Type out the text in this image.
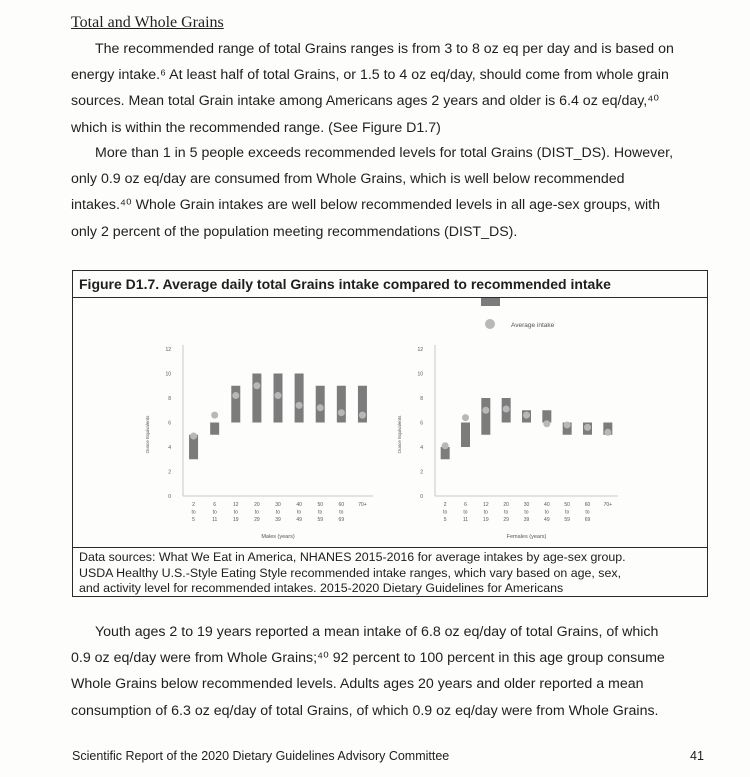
Total and Whole Grains
The recommended range of total Grains ranges is from 3 to 8 oz eq per day and is based on
energy intake.⁶ At least half of total Grains, or 1.5 to 4 oz eq/day, should come from whole grain
sources. Mean total Grain intake among Americans ages 2 years and older is 6.4 oz eq/day,⁴⁰
which is within the recommended range. (See Figure D1.7)
More than 1 in 5 people exceeds recommended levels for total Grains (DIST_DS). However,
only 0.9 oz eq/day are consumed from Whole Grains, which is well below recommended
intakes.⁴⁰ Whole Grain intakes are well below recommended levels in all age-sex groups, with
only 2 percent of the population meeting recommendations (DIST_DS).
Figure D1.7. Average daily total Grains intake compared to recommended intake
Average intake
0
2
4
6
8
10
12
Ounce Equivalents
2
to
5
6
to
11
12
to
19
20
to
29
30
to
39
40
to
49
50
to
59
60
to
69
70+
Males (years)
0
2
4
6
8
10
12
Ounce Equivalents
2
to
5
6
to
11
12
to
19
20
to
29
30
to
39
40
to
49
50
to
59
60
to
69
70+
Females (years)
Data sources: What We Eat in America, NHANES 2015-2016 for average intakes by age-sex group.
USDA Healthy U.S.-Style Eating Style recommended intake ranges, which vary based on age, sex,
and activity level for recommended intakes. 2015-2020 Dietary Guidelines for Americans
Youth ages 2 to 19 years reported a mean intake of 6.8 oz eq/day of total Grains, of which
0.9 oz eq/day were from Whole Grains;⁴⁰ 92 percent to 100 percent in this age group consume
Whole Grains below recommended levels. Adults ages 20 years and older reported a mean
consumption of 6.3 oz eq/day of total Grains, of which 0.9 oz eq/day were from Whole Grains.
Scientific Report of the 2020 Dietary Guidelines Advisory Committee	41
